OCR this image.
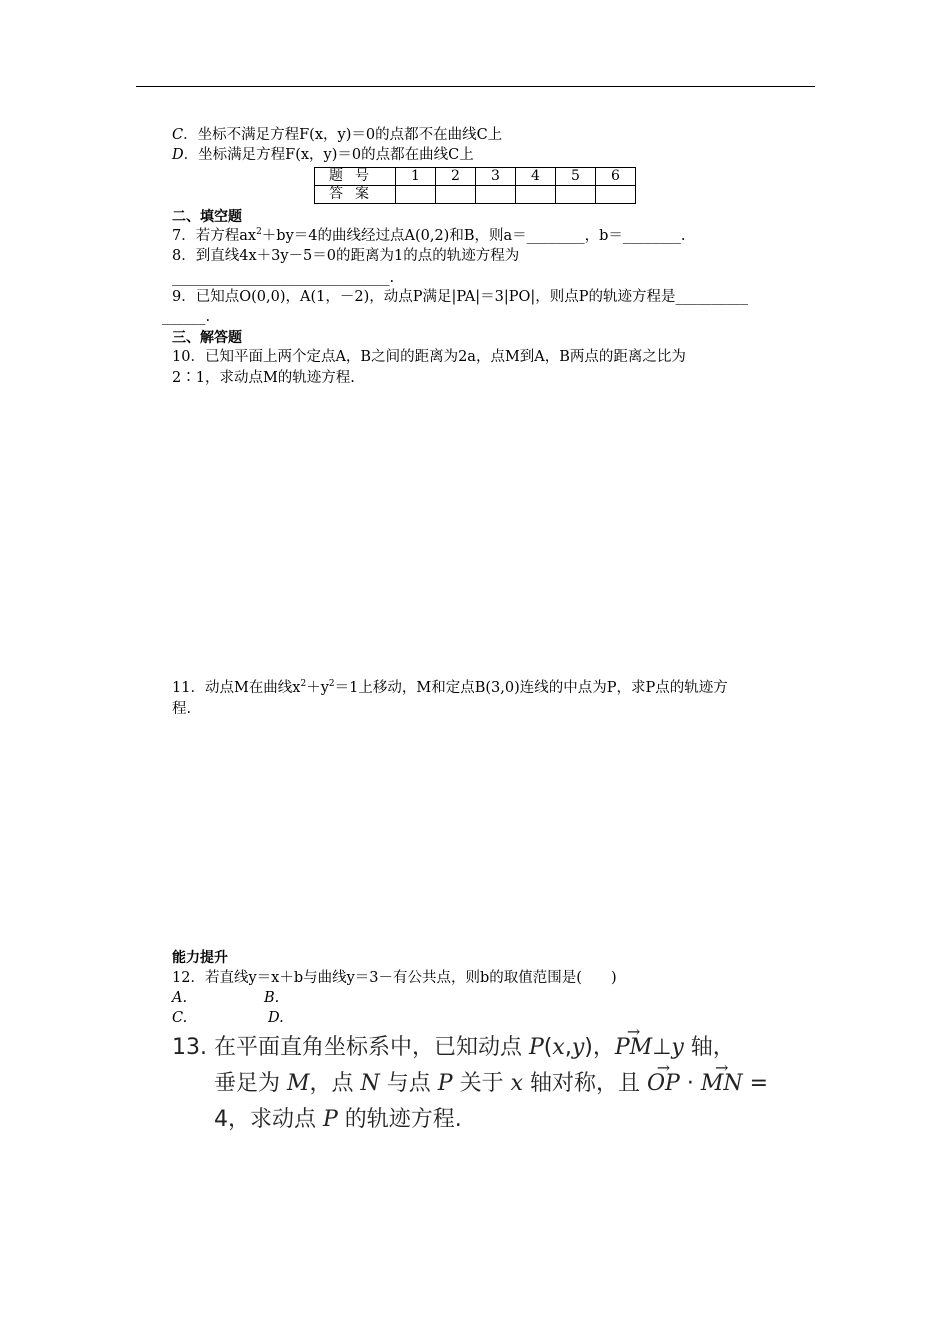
C．坐标不满足方程F(x，y)＝0的点都不在曲线C上
D．坐标满足方程F(x，y)＝0的点都在曲线C上
题号	1	2	3	4	5	6
答案						
二、填空题
7．若方程$ax^2+by=4$的曲线经过点A(0,2)和B，则a＝________，b＝________.
8．到直线4x＋3y－5＝0的距离为1的点的轨迹方程为
______________________________.
9．已知点O(0,0)，A(1，－2)，动点P满足|PA|＝3|PO|，则点P的轨迹方程是__________
______.
三、解答题
10．已知平面上两个定点A，B之间的距离为2a，点M到A，B两点的距离之比为
2∶1，求动点M的轨迹方程.
11．动点M在曲线$x^2+y^2=1$上移动，M和定点B(3,0)连线的中点为P，求P点的轨迹方
程.
能力提升
12．若直线y＝x＋b与曲线y＝3－有公共点，则b的取值范围是(　　)
A.	B.
C.	D.
13. 在平面直角坐标系中，已知动点 P(x,y)，→ PM⊥y 轴，
垂足为 M，点 N 与点 P 关于 x 轴对称，且 → OP · → MN =
4，求动点 P 的轨迹方程.
